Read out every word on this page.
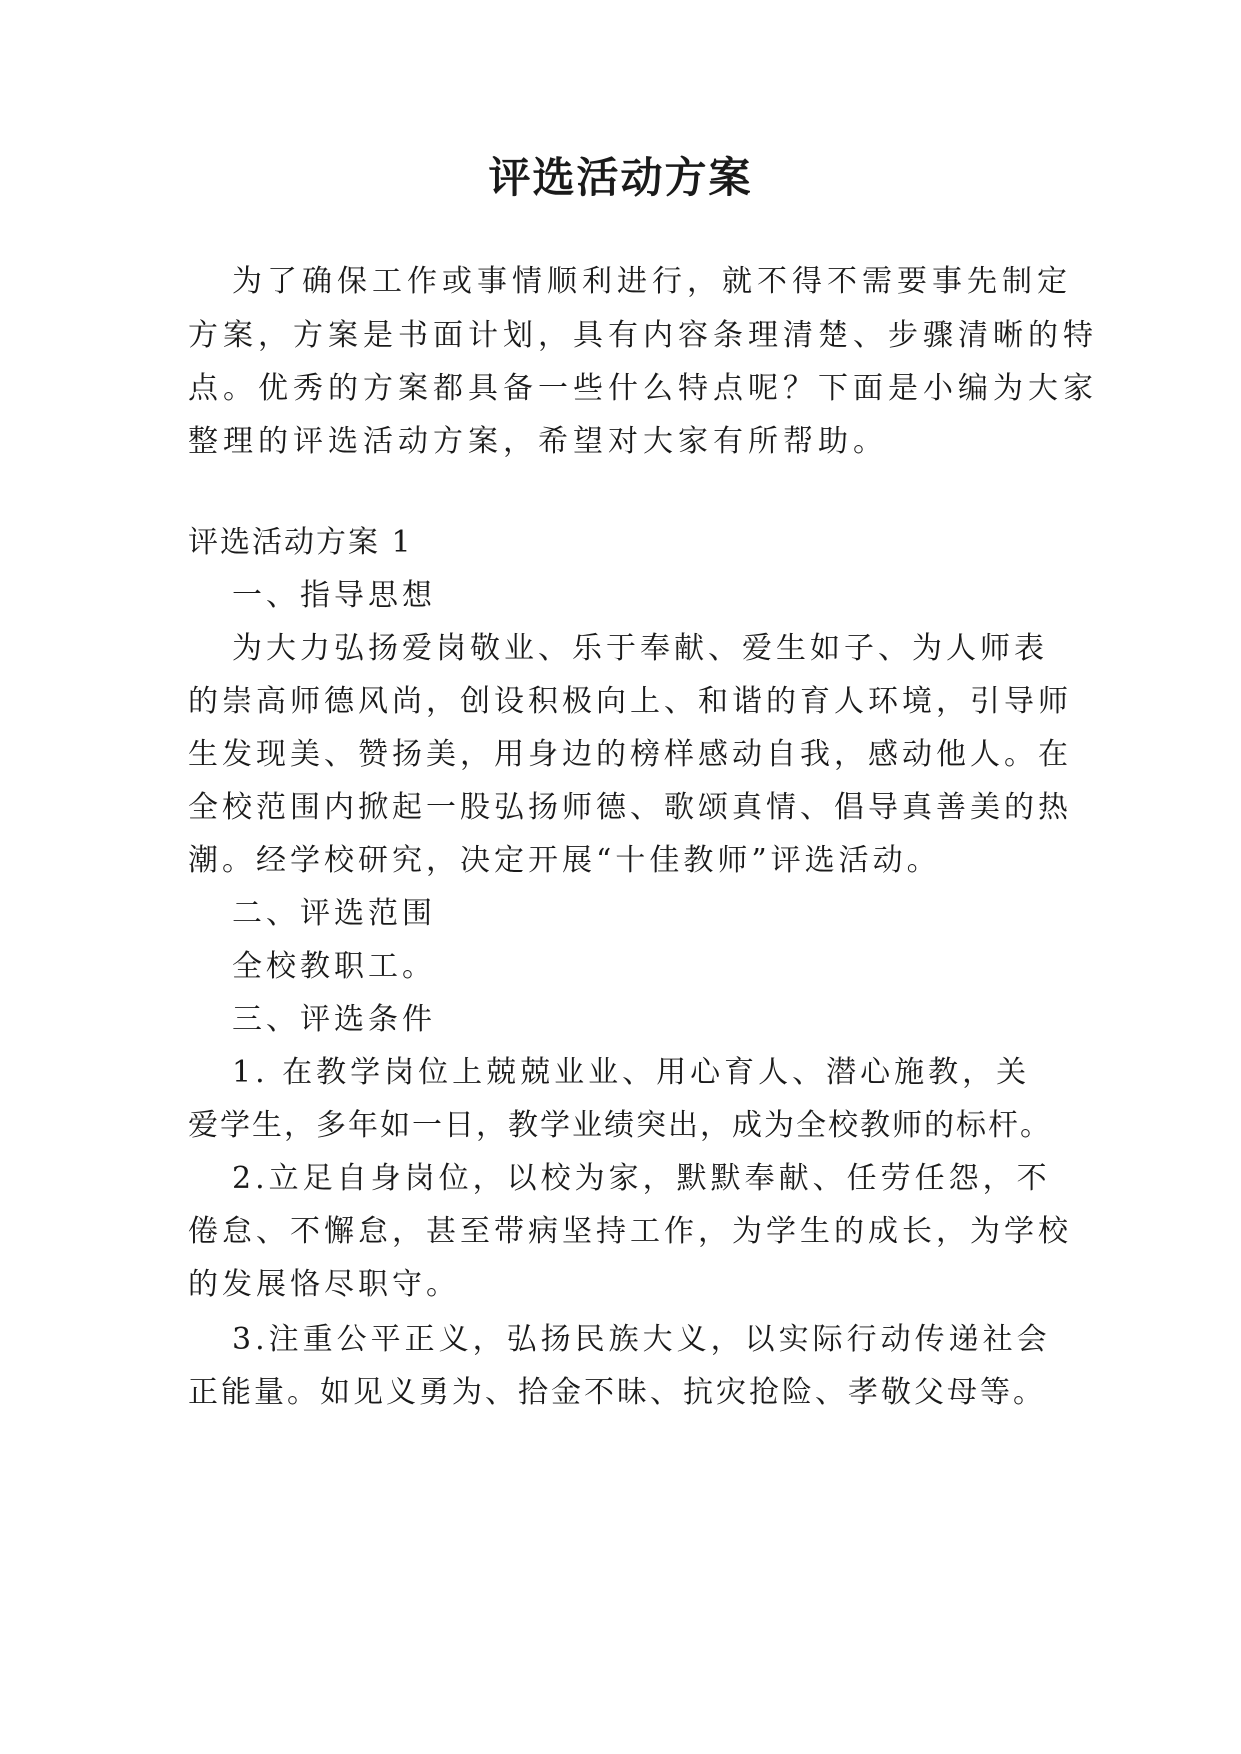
评选活动方案
为了确保工作或事情顺利进行，就不得不需要事先制定
方案，方案是书面计划，具有内容条理清楚、步骤清晰的特
点。优秀的方案都具备一些什么特点呢？下面是小编为大家
整理的评选活动方案，希望对大家有所帮助。
评选活动方案 1
一、指导思想
为大力弘扬爱岗敬业、乐于奉献、爱生如子、为人师表
的崇高师德风尚，创设积极向上、和谐的育人环境，引导师
生发现美、赞扬美，用身边的榜样感动自我，感动他人。在
全校范围内掀起一股弘扬师德、歌颂真情、倡导真善美的热
潮。经学校研究，决定开展“十佳教师”评选活动。
二、评选范围
全校教职工。
三、评选条件
1. 在教学岗位上兢兢业业、用心育人、潜心施教，关
爱学生，多年如一日，教学业绩突出，成为全校教师的标杆。
2.立足自身岗位，以校为家，默默奉献、任劳任怨，不
倦怠、不懈怠，甚至带病坚持工作，为学生的成长，为学校
的发展恪尽职守。
3.注重公平正义，弘扬民族大义，以实际行动传递社会
正能量。如见义勇为、拾金不昧、抗灾抢险、孝敬父母等。
